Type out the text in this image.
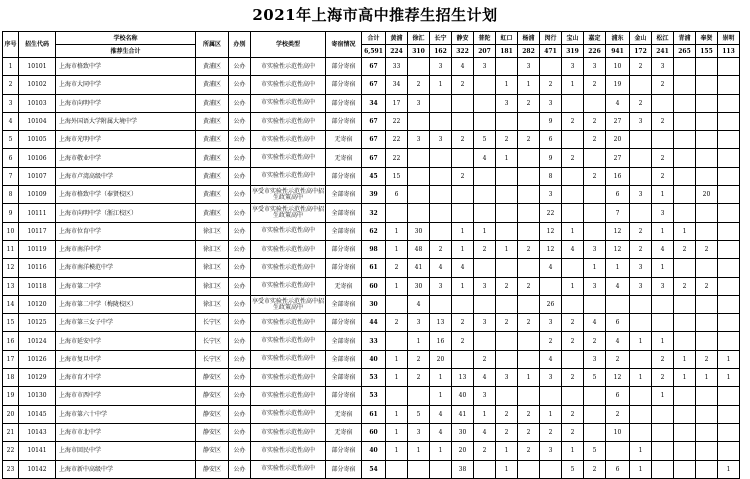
2021年上海市高中推荐生招生计划
序号	招生代码	学校名称	所属区	办别	学校类型	寄宿情况	合计	黄浦	徐汇	长宁	静安	普陀	虹口	杨浦	闵行	宝山	嘉定	浦东	金山	松江	青浦	奉贤	崇明
		推荐生合计					6,591	224	310	162	322	207	181	282	471	319	226	941	172	241	265	155	113
1	10101	上海市格致中学	黄浦区	公办	市实验性示范性高中	部分寄宿	67	33		3	4	3		3		3	3	10	2	3			
2	10102	上海市大同中学	黄浦区	公办	市实验性示范性高中	部分寄宿	67	34	2	1	2		1	1	2	1	2	19		2			
3	10103	上海市向明中学	黄浦区	公办	市实验性示范性高中	部分寄宿	34	17	3				3	2	3			4	2				
4	10104	上海外国语大学附属大境中学	黄浦区	公办	市实验性示范性高中	部分寄宿	67	22							9	2	2	27	3	2			
5	10105	上海市光明中学	黄浦区	公办	市实验性示范性高中	无寄宿	67	22	3	3	2	5	2	2	6		2	20					
6	10106	上海市敬业中学	黄浦区	公办	市实验性示范性高中	无寄宿	67	22				4	1		9	2		27		2			
7	10107	上海市卢湾高级中学	黄浦区	公办	市实验性示范性高中	部分寄宿	45	15			2				8		2	16		2			
8	10109	上海市格致中学（奉贤校区）	黄浦区	公办	享受市实验性示范性高中招生政策高中	全部寄宿	39	6							3			6	3	1		20	
9	10111	上海市向明中学（浙江校区）	黄浦区	公办	享受市实验性示范性高中招生政策高中	全部寄宿	32								22			7		3			
10	10117	上海市位育中学	徐汇区	公办	市实验性示范性高中	全部寄宿	62	1	30		1	1			12	1		12	2	1	1		
11	10119	上海市南洋中学	徐汇区	公办	市实验性示范性高中	部分寄宿	98	1	48	2	1	2	1	2	12	4	3	12	2	4	2	2	
12	10116	上海市南洋模范中学	徐汇区	公办	市实验性示范性高中	部分寄宿	61	2	41	4	4				4		1	1	3	1			
13	10118	上海市第二中学	徐汇区	公办	市实验性示范性高中	无寄宿	60	1	30	3	1	3	2	2		1	3	4	3	3	2	2	
14	10120	上海市第二中学（梅陇校区）	徐汇区	公办	享受市实验性示范性高中招生政策高中	全部寄宿	30		4						26								
15	10125	上海市第三女子中学	长宁区	公办	市实验性示范性高中	部分寄宿	44	2	3	13	2	3	2	2	3	2	4	6					
16	10124	上海市延安中学	长宁区	公办	市实验性示范性高中	全部寄宿	33		1	16	2				2	2	2	4	1	1			
17	10126	上海市复旦中学	长宁区	公办	市实验性示范性高中	全部寄宿	40	1	2	20		2			4		3	2		2	1	2	1
18	10129	上海市育才中学	静安区	公办	市实验性示范性高中	全部寄宿	53	1	2	1	13	4	3	1	3	2	5	12	1	2	1	1	1
19	10130	上海市市西中学	静安区	公办	市实验性示范性高中	部分寄宿	53			1	40	3						6		1			
20	10145	上海市第六十中学	静安区	公办	市实验性示范性高中	无寄宿	61	1	5	4	41	1	2	2	1	2		2					
21	10143	上海市市北中学	静安区	公办	市实验性示范性高中	无寄宿	60	1	3	4	30	4	2	2	2	2		10					
22	10141	上海市回民中学	静安区	公办	市实验性示范性高中	部分寄宿	40	1	1	1	20	2	1	2	3	1	5		1				
23	10142	上海市新中高级中学	静安区	公办	市实验性示范性高中	部分寄宿	54				38		1			5	2	6	1				1
